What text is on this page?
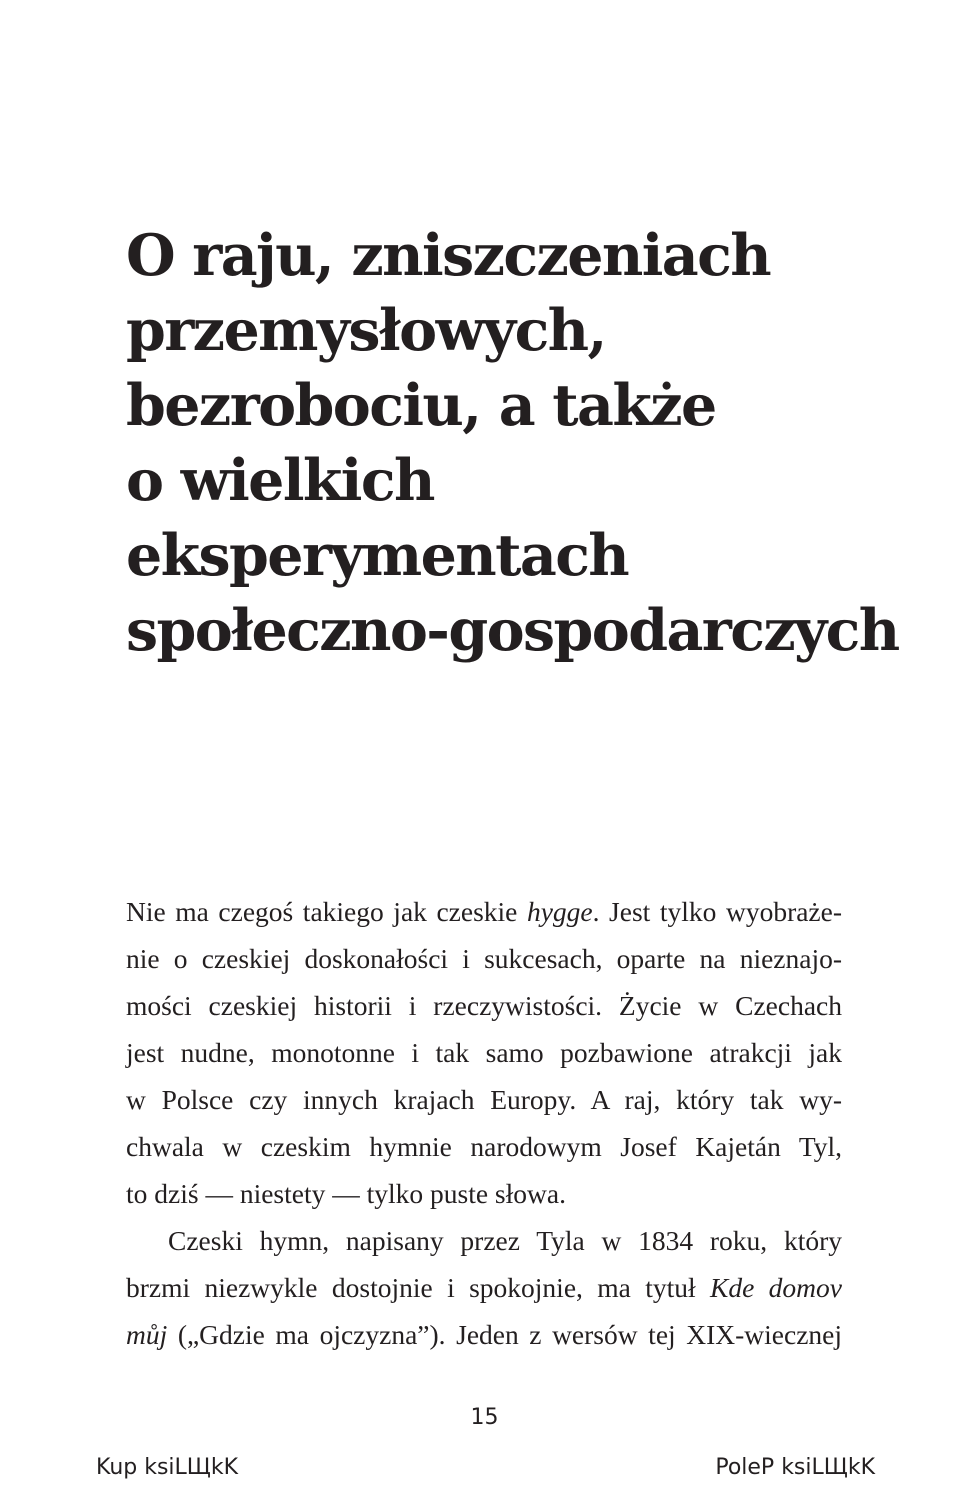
O raju, zniszczeniach
przemysłowych,
bezrobociu, a także
o wielkich
eksperymentach
społeczno-gospodarczych
Nie ma czegoś takiego jak czeskie hygge. Jest tylko wyobraże-
nie o czeskiej doskonałości i sukcesach, oparte na nieznajo-
mości czeskiej historii i rzeczywistości. Życie w Czechach
jest nudne, monotonne i tak samo pozbawione atrakcji jak
w Polsce czy innych krajach Europy. A raj, który tak wy-
chwala w czeskim hymnie narodowym Josef Kajetán Tyl,
to dziś — niestety — tylko puste słowa.
Czeski hymn, napisany przez Tyla w 1834 roku, który
brzmi niezwykle dostojnie i spokojnie, ma tytuł Kde domov
můj („Gdzie ma ojczyzna”). Jeden z wersów tej XIX-wiecznej
15
Kup ksiLЩkK	PoleP ksiLЩkK
